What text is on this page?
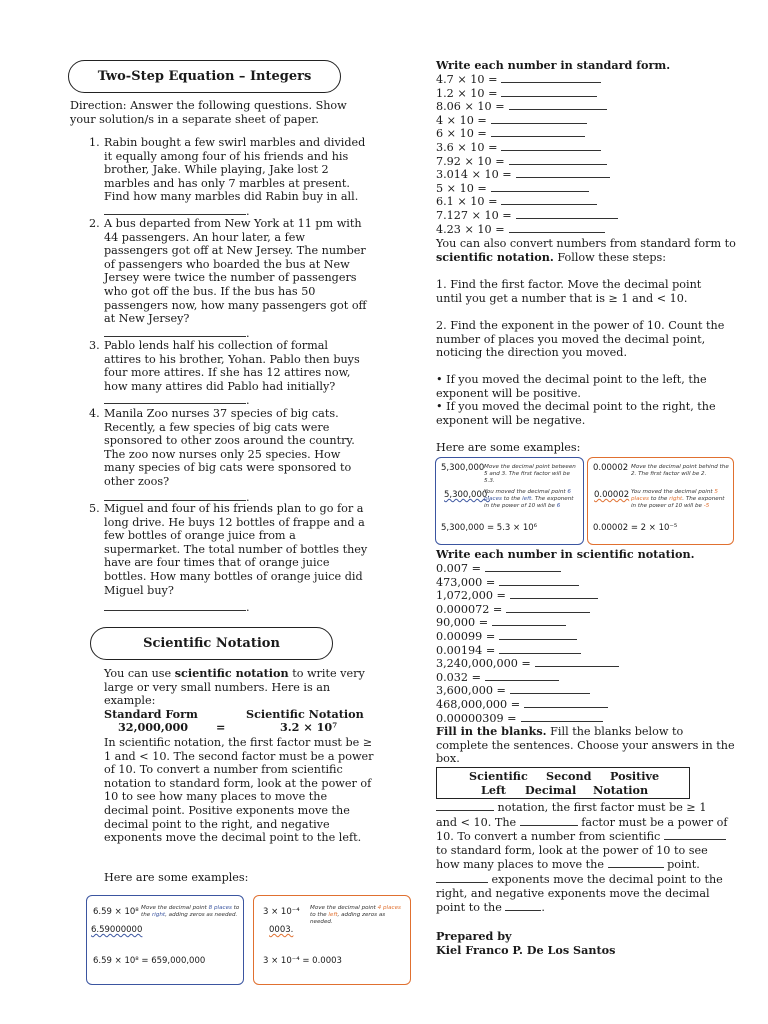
Two-Step Equation – Integers

Direction: Answer the following questions. Show your solution/s in a separate sheet of paper.

1. Rabin bought a few swirl marbles and divided it equally among four of his friends and his brother, Jake. While playing, Jake lost 2 marbles and has only 7 marbles at present. Find how many marbles did Rabin buy in all.

.
2. A bus departed from New York at 11 pm with 44 passengers. An hour later, a few passengers got off at New Jersey. The number of passengers who boarded the bus at New Jersey were twice the number of passengers who got off the bus. If the bus has 50 passengers now, how many passengers got off at New Jersey?

.
3. Pablo lends half his collection of formal attires to his brother, Yohan. Pablo then buys four more attires. If she has 12 attires now, how many attires did Pablo had initially?

.
4. Manila Zoo nurses 37 species of big cats. Recently, a few species of big cats were sponsored to other zoos around the country. The zoo now nurses only 25 species. How many species of big cats were sponsored to other zoos?

.
5. Miguel and four of his friends plan to go for a long drive. He buys 12 bottles of frappe and a few bottles of orange juice from a supermarket. The total number of bottles they have are four times that of orange juice bottles. How many bottles of orange juice did Miguel buy?

.
Scientific Notation

You can use scientific notation to write very large or very small numbers. Here is an example:

Standard Form	Scientific Notation
32,000,000 =	3.2 × 10⁷

In scientific notation, the first factor must be ≥ 1 and < 10. The second factor must be a power of 10. To convert a number from scientific notation to standard form, look at the power of 10 to see how many places to move the decimal point. Positive exponents move the decimal point to the right, and negative exponents move the decimal point to the left.

Here are some examples:
6.59 × 10⁸ Move the decimal point 8 places to the right, adding zeros as needed.
6.59000000
6.59 × 10⁸ = 659,000,000
3 × 10⁻⁴ Move the decimal point 4 places to the left, adding zeros as needed.
0003.
3 × 10⁻⁴ = 0.0003
Write each number in standard form.
4.7 × 10 =
1.2 × 10 =
8.06 × 10 =
4 × 10 =
6 × 10 =
3.6 × 10 =
7.92 × 10 =
3.014 × 10 =
5 × 10 =
6.1 × 10 =
7.127 × 10 =
4.23 × 10 =

You can also convert numbers from standard form to scientific notation. Follow these steps:

1. Find the first factor. Move the decimal point until you get a number that is ≥ 1 and < 10.

2. Find the exponent in the power of 10. Count the number of places you moved the decimal point, noticing the direction you moved.

• If you moved the decimal point to the left, the exponent will be positive.

• If you moved the decimal point to the right, the exponent will be negative.

Here are some examples:
5,300,000 Move the decimal point between 5 and 3. The first factor will be 5.3.
5,300,000.
You moved the decimal point 6 places to the left. The exponent in the power of 10 will be 6
5,300,000 = 5.3 × 10⁶
0.00002 Move the decimal point behind the 2. The first factor will be 2.
0.00002 You moved the decimal point 5 places to the right. The exponent in the power of 10 will be -5
0.00002 = 2 × 10⁻⁵
Write each number in scientific notation.
0.007 =
473,000 =
1,072,000 =
0.000072 =
90,000 =
0.00099 =
0.00194 =
3,240,000,000 =
0.032 =
3,600,000 =
468,000,000 =
0.00000309 =

Fill in the blanks. Fill the blanks below to complete the sentences. Choose your answers in the box.

Scientific Second Positive
Left Decimal Notation

notation, the first factor must be ≥ 1 and < 10. The	factor must be a power of 10. To convert a number from scientific  to standard form, look at the power of 10 to see how many places to move the	point.  exponents move the decimal point to the right, and negative exponents move the decimal point to the	.

Prepared by
Kiel Franco P. De Los Santos
